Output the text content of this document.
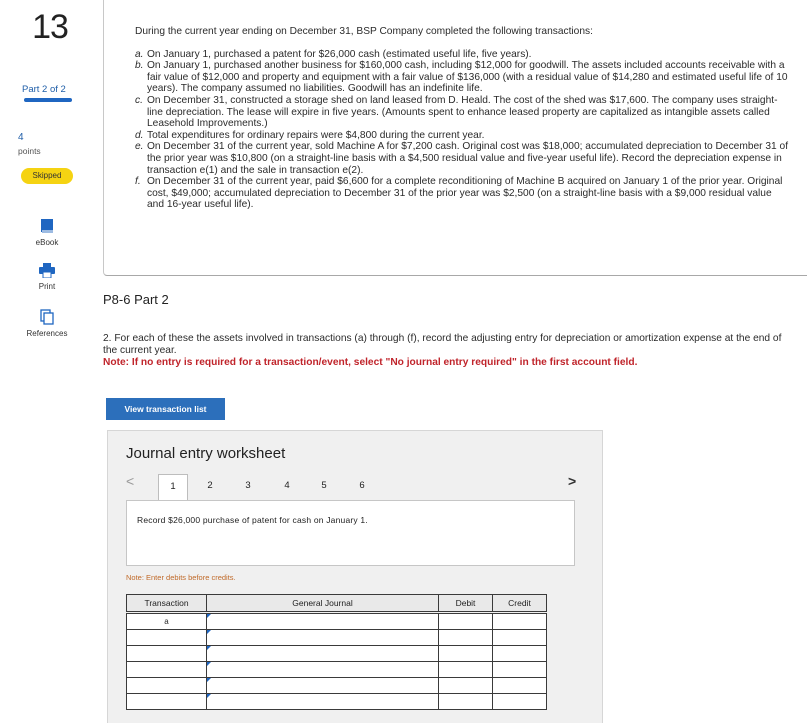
13
Part 2 of 2
4
points
Skipped
eBook
Print
References
During the current year ending on December 31, BSP Company completed the following transactions:
a. On January 1, purchased a patent for $26,000 cash (estimated useful life, five years).
b. On January 1, purchased another business for $160,000 cash, including $12,000 for goodwill. The assets included accounts receivable with a fair value of $12,000 and property and equipment with a fair value of $136,000 (with a residual value of $14,280 and estimated useful life of 10 years). The company assumed no liabilities. Goodwill has an indefinite life.
c. On December 31, constructed a storage shed on land leased from D. Heald. The cost of the shed was $17,600. The company uses straight-line depreciation. The lease will expire in five years. (Amounts spent to enhance leased property are capitalized as intangible assets called Leasehold Improvements.)
d. Total expenditures for ordinary repairs were $4,800 during the current year.
e. On December 31 of the current year, sold Machine A for $7,200 cash. Original cost was $18,000; accumulated depreciation to December 31 of the prior year was $10,800 (on a straight-line basis with a $4,500 residual value and five-year useful life). Record the depreciation expense in transaction e(1) and the sale in transaction e(2).
f. On December 31 of the current year, paid $6,600 for a complete reconditioning of Machine B acquired on January 1 of the prior year. Original cost, $49,000; accumulated depreciation to December 31 of the prior year was $2,500 (on a straight-line basis with a $9,000 residual value and 16-year useful life).
P8-6 Part 2
2. For each of these the assets involved in transactions (a) through (f), record the adjusting entry for depreciation or amortization expense at the end of the current year.
Note: If no entry is required for a transaction/event, select "No journal entry required" in the first account field.
View transaction list
Journal entry worksheet
<	>
1	2	3	4	5	6
Record $26,000 purchase of patent for cash on January 1.
Note: Enter debits before credits.
Transaction	General Journal	Debit	Credit

a	
